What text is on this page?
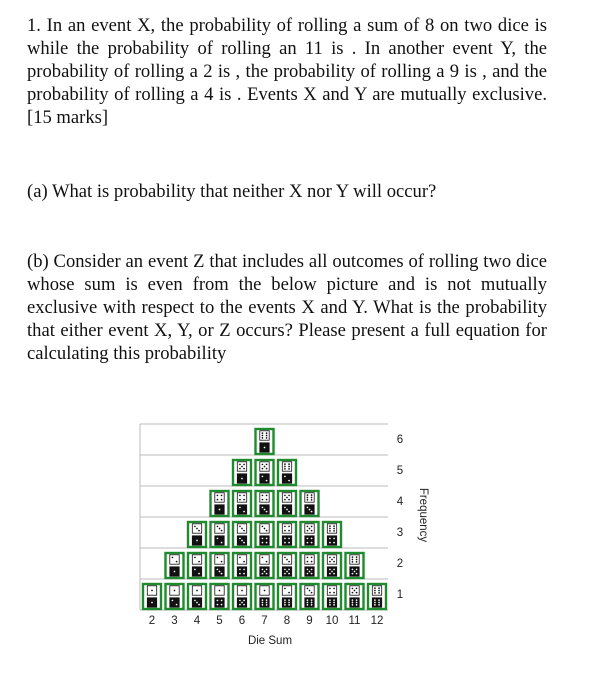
1. In an event X, the probability of rolling a sum of 8 on two dice is while the probability of rolling an 11 is . In another event Y, the probability of rolling a 2 is , the probability of rolling a 9 is , and the probability of rolling a 4 is . Events X and Y are mutually exclusive. [15 marks]

(a) What is probability that neither X nor Y will occur?

(b) Consider an event Z that includes all outcomes of rolling two dice whose sum is even from the below picture and is not mutually exclusive with respect to the events X and Y. What is the probability that either event X, Y, or Z occurs? Please present a full equation for calculating this probability

2 3 4 5 6 7 8 9 10 11 12
1
2
3
4
5
6
Die Sum
Frequency
